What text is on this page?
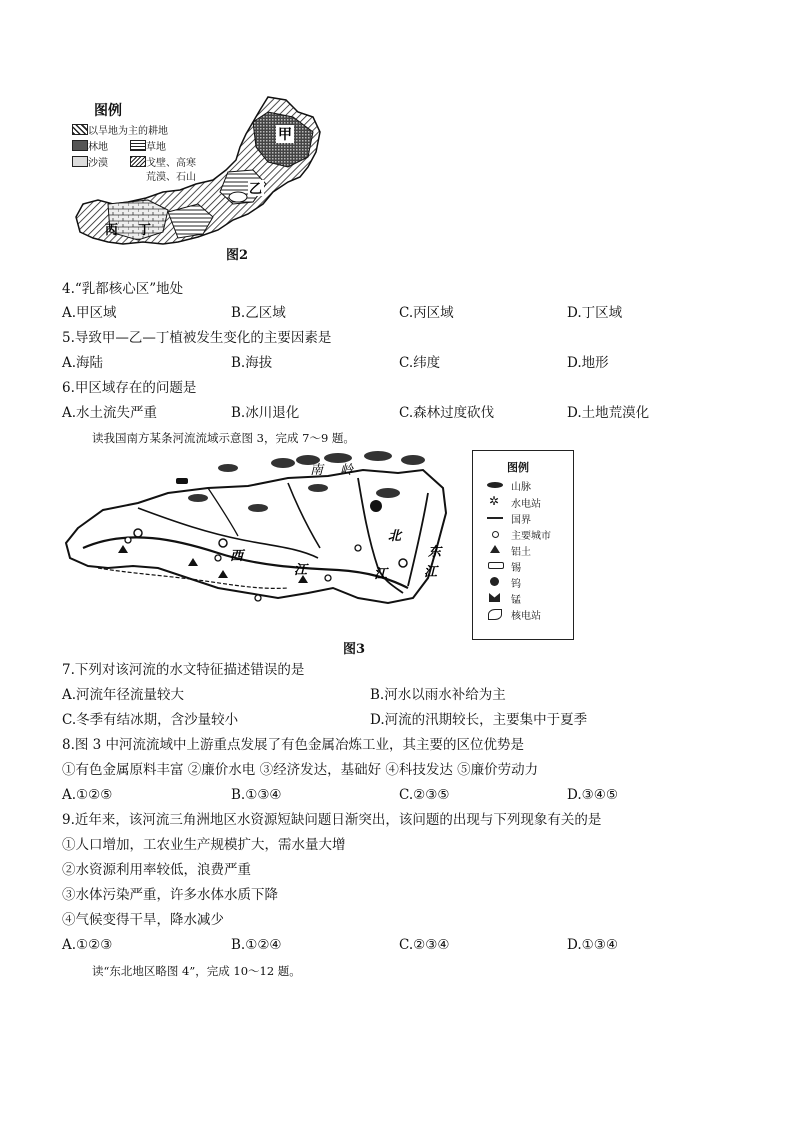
甲
乙
丙 丁
图例
以旱地为主的耕地
林地	草地
沙漠	戈壁、高寒
荒漠、石山
图2
4.“乳都核心区”地处
A.甲区域	B.乙区域	C.丙区域	D.丁区域
5.导致甲—乙—丁植被发生变化的主要因素是
A.海陆	B.海拔	C.纬度	D.地形
6.甲区域存在的问题是
A.水土流失严重	B.冰川退化	C.森林过度砍伐	D.土地荒漠化
读我国南方某条河流流域示意图 3，完成 7～9 题。
南 岭
西
江
北
江
东
江
图3
图例
山脉
✲ 水电站
国界
主要城市
铝土
锡
钨
锰
核电站
7.下列对该河流的水文特征描述错误的是
A.河流年径流量较大	B.河水以雨水补给为主
C.冬季有结冰期，含沙量较小	D.河流的汛期较长，主要集中于夏季
8.图 3 中河流流域中上游重点发展了有色金属冶炼工业，其主要的区位优势是
①有色金属原料丰富 ②廉价水电 ③经济发达，基础好 ④科技发达 ⑤廉价劳动力
A.①②⑤	B.①③④	C.②③⑤	D.③④⑤
9.近年来，该河流三角洲地区水资源短缺问题日渐突出，该问题的出现与下列现象有关的是
①人口增加，工农业生产规模扩大，需水量大增
②水资源利用率较低，浪费严重
③水体污染严重，许多水体水质下降
④气候变得干旱，降水减少
A.①②③	B.①②④	C.②③④	D.①③④
读“东北地区略图 4”，完成 10～12 题。
